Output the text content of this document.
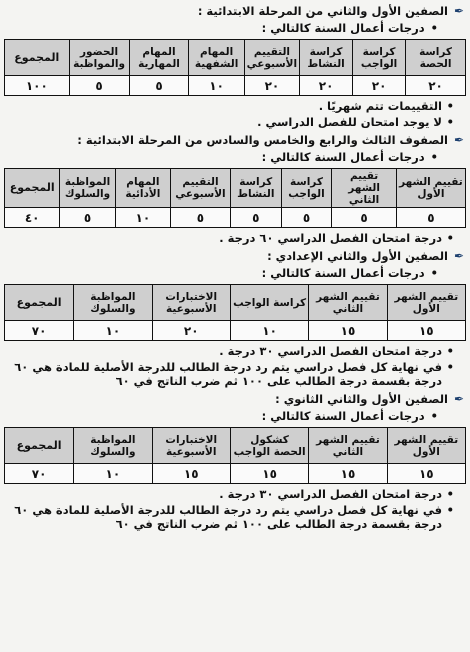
✒
الصفين الأول والثاني من المرحلة الابتدائية :
• درجات أعمال السنة كالتالي :
كراسة الحصة	كراسة الواجب	كراسة النشاط	التقييم الأسبوعي	المهام الشفهية	المهام المهارية	الحضور والمواظبة	المجموع
٢٠	٢٠	٢٠	٢٠	١٠	٥	٥	١٠٠
• التقييمات تتم شهريًا .
• لا يوجد امتحان للفصل الدراسي .
✒
الصفوف الثالث والرابع والخامس والسادس من المرحلة الابتدائية :
• درجات أعمال السنة كالتالي :
تقييم الشهر الأول	تقييم الشهر الثاني	كراسة الواجب	كراسة النشاط	التقييم الأسبوعي	المهام الأدائية	المواظبة والسلوك	المجموع
٥	٥	٥	٥	٥	١٠	٥	٤٠
• درجة امتحان الفصل الدراسي ٦٠ درجة .
✒
الصفين الأول والثاني الإعدادي :
• درجات أعمال السنة كالتالي :
تقييم الشهر الأول	تقييم الشهر الثاني	كراسة الواجب	الاختبارات الأسبوعية	المواظبة والسلوك	المجموع
١٥	١٥	١٠	٢٠	١٠	٧٠
• درجة امتحان الفصل الدراسي ٣٠ درجة .
• في نهاية كل فصل دراسي يتم رد درجة الطالب للدرجة الأصلية للمادة هي ٦٠ درجة بقسمة درجة الطالب على ١٠٠ ثم ضرب الناتج في ٦٠
✒
الصفين الأول والثاني الثانوي :
• درجات أعمال السنة كالتالي :
تقييم الشهر الأول	تقييم الشهر الثاني	كشكول الحصة الواجب	الاختبارات الأسبوعية	المواظبة والسلوك	المجموع
١٥	١٥	١٥	١٥	١٠	٧٠
• درجة امتحان الفصل الدراسي ٣٠ درجة .
• في نهاية كل فصل دراسي يتم رد درجة الطالب للدرجة الأصلية للمادة هي ٦٠ درجة بقسمة درجة الطالب على ١٠٠ ثم ضرب الناتج في ٦٠
